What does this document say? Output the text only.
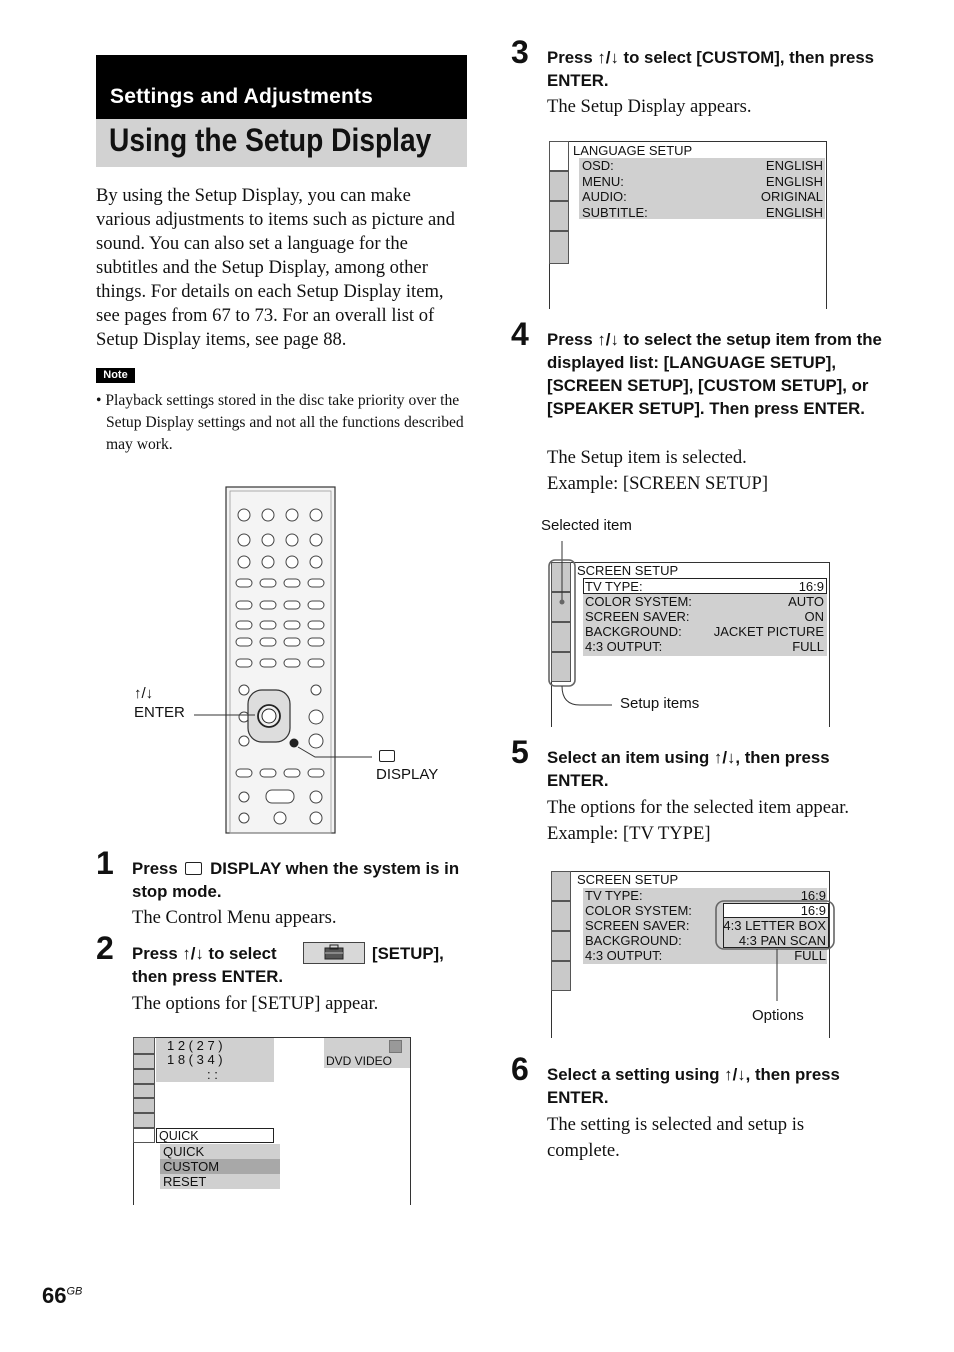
Settings and Adjustments
Using the Setup Display
By using the Setup Display, you can make various adjustments to items such as picture and sound. You can also set a language for the subtitles and the Setup Display, among other things. For details on each Setup Display item, see pages from 67 to 73. For an overall list of Setup Display items, see page 88.
Note
• Playback settings stored in the disc take priority over the Setup Display settings and not all the functions described may work.
↑/↓
ENTER
DISPLAY
1 Press DISPLAY when the system is in stop mode.
The Control Menu appears.
2 Press ↑/↓ to select	[SETUP],
then press ENTER.
The options for [SETUP] appear.
1 2 ( 2 7 )
1 8 ( 3 4 )
: :
DVD VIDEO
QUICK
QUICK
CUSTOM
RESET
3 Press ↑/↓ to select [CUSTOM], then press ENTER.
The Setup Display appears.
LANGUAGE SETUP
OSD:	ENGLISH
MENU:	ENGLISH
AUDIO:	ORIGINAL
SUBTITLE:	ENGLISH
4 Press ↑/↓ to select the setup item from the displayed list: [LANGUAGE SETUP], [SCREEN SETUP], [CUSTOM SETUP], or [SPEAKER SETUP]. Then press ENTER.
The Setup item is selected.
Example: [SCREEN SETUP]
Selected item
SCREEN SETUP
TV TYPE:	16:9
COLOR SYSTEM:	AUTO
SCREEN SAVER:	ON
BACKGROUND: JACKET PICTURE
4:3 OUTPUT:	FULL
Setup items
5 Select an item using ↑/↓, then press ENTER.
The options for the selected item appear.
Example: [TV TYPE]
SCREEN SETUP
TV TYPE:	16:9
COLOR SYSTEM:
SCREEN SAVER:
BACKGROUND:
4:3 OUTPUT:	FULL
16:9
4:3 LETTER BOX
4:3 PAN SCAN
Options
6 Select a setting using ↑/↓, then press ENTER.
The setting is selected and setup is complete.
$66^{GB}$
